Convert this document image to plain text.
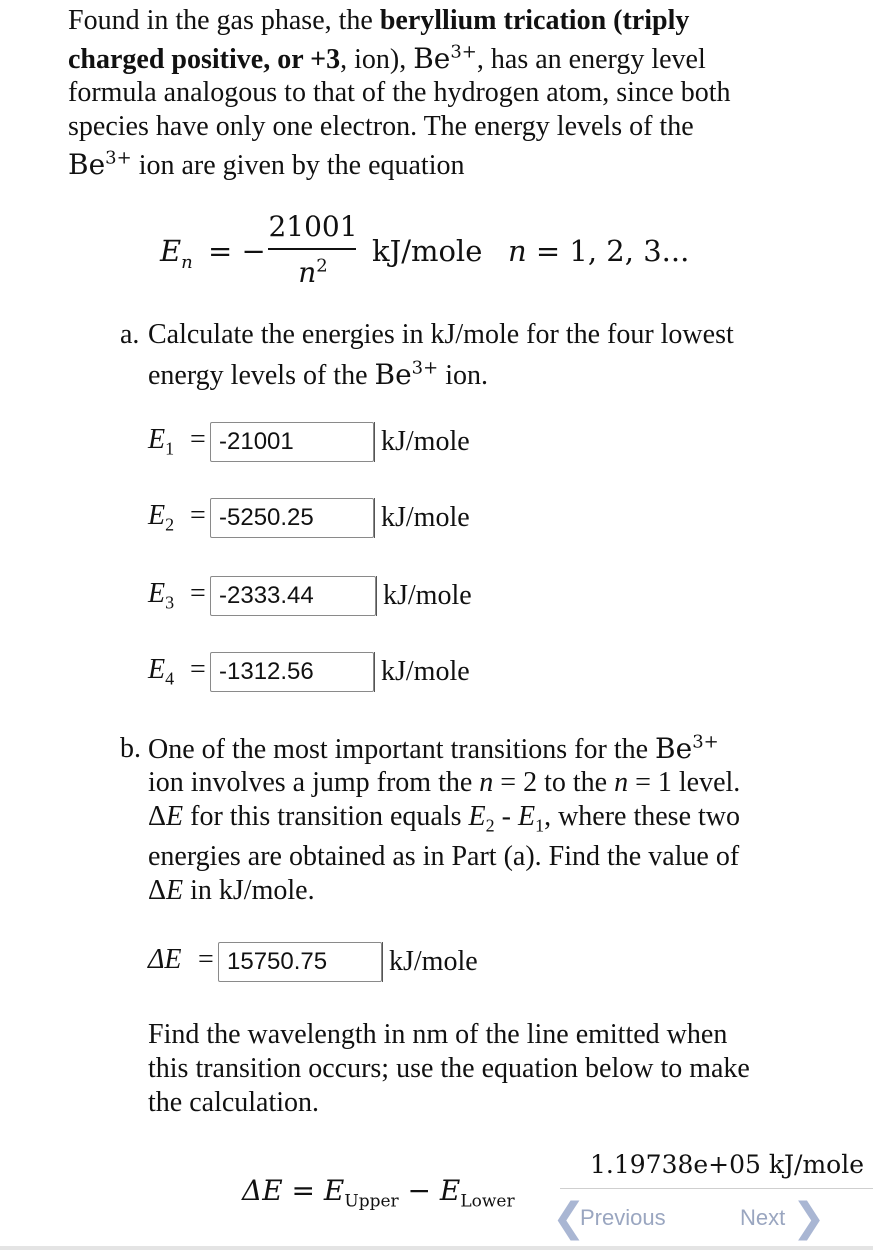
Found in the gas phase, the beryllium trication (triply
charged positive, or +3, ion), $Be^{3+}$, has an energy level
formula analogous to that of the hydrogen atom, since both
species have only one electron. The energy levels of the
$Be^{3+}$ ion are given by the equation
$E_n$ = −
21001
$n^2$	kJ/mole n = 1, 2, 3...
a. Calculate the energies in kJ/mole for the four lowest
energy levels of the $Be^{3+}$ ion.
$E_1$ =
-21001	kJ/mole
$E_2$ =
-5250.25	kJ/mole
$E_3$ =
-2333.44	kJ/mole
$E_4$ =
-1312.56	kJ/mole
b. One of the most important transitions for the $Be^{3+}$
ion involves a jump from the n = 2 to the n = 1 level.
ΔE for this transition equals $E_2 - E_1$, where these two
energies are obtained as in Part (a). Find the value of
ΔE in kJ/mole.
ΔE =
15750.75	kJ/mole
Find the wavelength in nm of the line emitted when
this transition occurs; use the equation below to make
the calculation.
$\Delta E = E_{Upper} - E_{Lower}$
1.19738e+05 kJ/mole
❮
Previous	Next ❯
